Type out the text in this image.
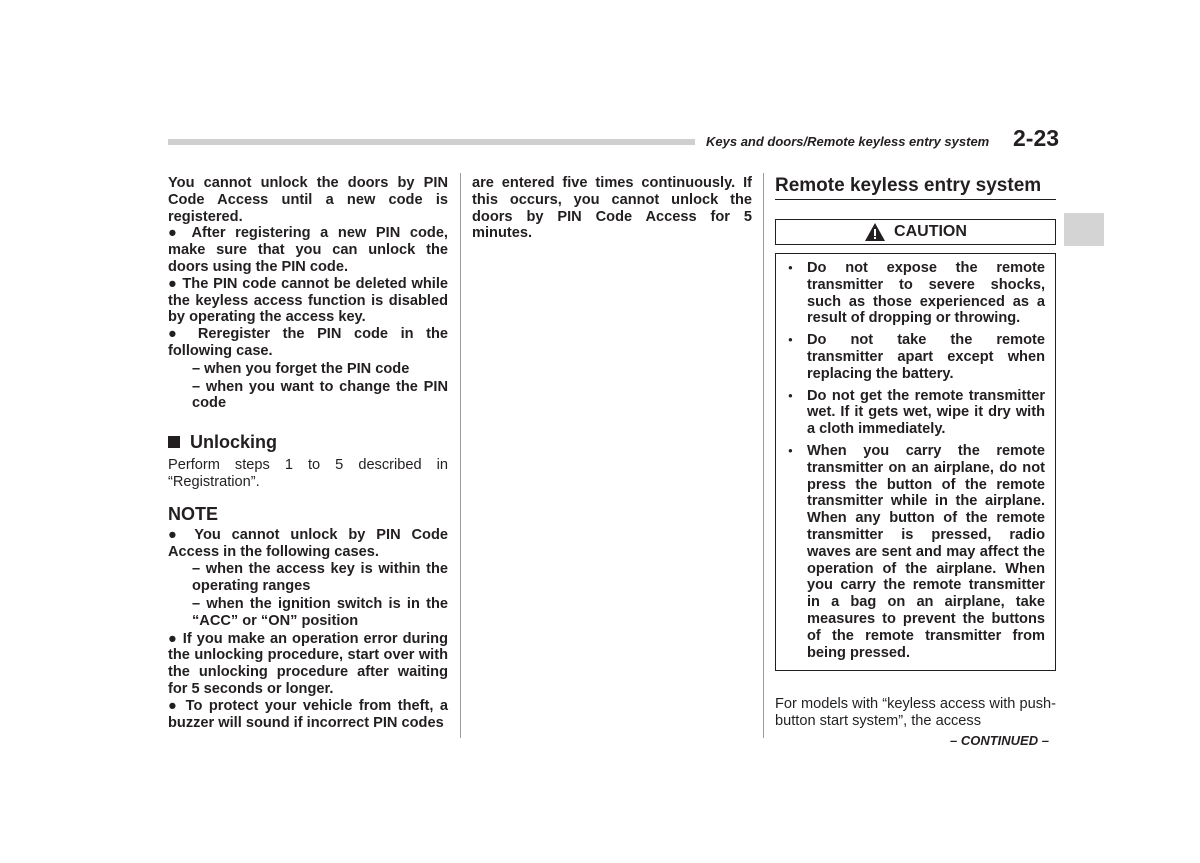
Keys and doors/Remote keyless entry system 2-23

You cannot unlock the doors by PIN Code Access until a new code is registered.

● After registering a new PIN code, make sure that you can unlock the doors using the PIN code.

● The PIN code cannot be deleted while the keyless access function is disabled by operating the access key.

● Reregister the PIN code in the following case.

– when you forget the PIN code

– when you want to change the PIN code

Unlocking

Perform steps 1 to 5 described in “Registration”.

NOTE

● You cannot unlock by PIN Code Access in the following cases.

– when the access key is within the operating ranges

– when the ignition switch is in the “ACC” or “ON” position

● If you make an operation error during the unlocking procedure, start over with the unlocking procedure after waiting for 5 seconds or longer.

● To protect your vehicle from theft, a buzzer will sound if incorrect PIN codes

are entered five times continuously. If this occurs, you cannot unlock the doors by PIN Code Access for 5 minutes.

Remote keyless entry system
CAUTION
● Do not expose the remote transmitter to severe shocks, such as those experienced as a result of dropping or throwing.
● Do not take the remote transmitter apart except when replacing the battery.
● Do not get the remote transmitter wet. If it gets wet, wipe it dry with a cloth immediately.
● When you carry the remote transmitter on an airplane, do not press the button of the remote transmitter while in the airplane. When any button of the remote transmitter is pressed, radio waves are sent and may affect the operation of the airplane. When you carry the remote transmitter in a bag on an airplane, take measures to prevent the buttons of the remote transmitter from being pressed.

For models with “keyless access with push-button start system”, the access

– CONTINUED –
